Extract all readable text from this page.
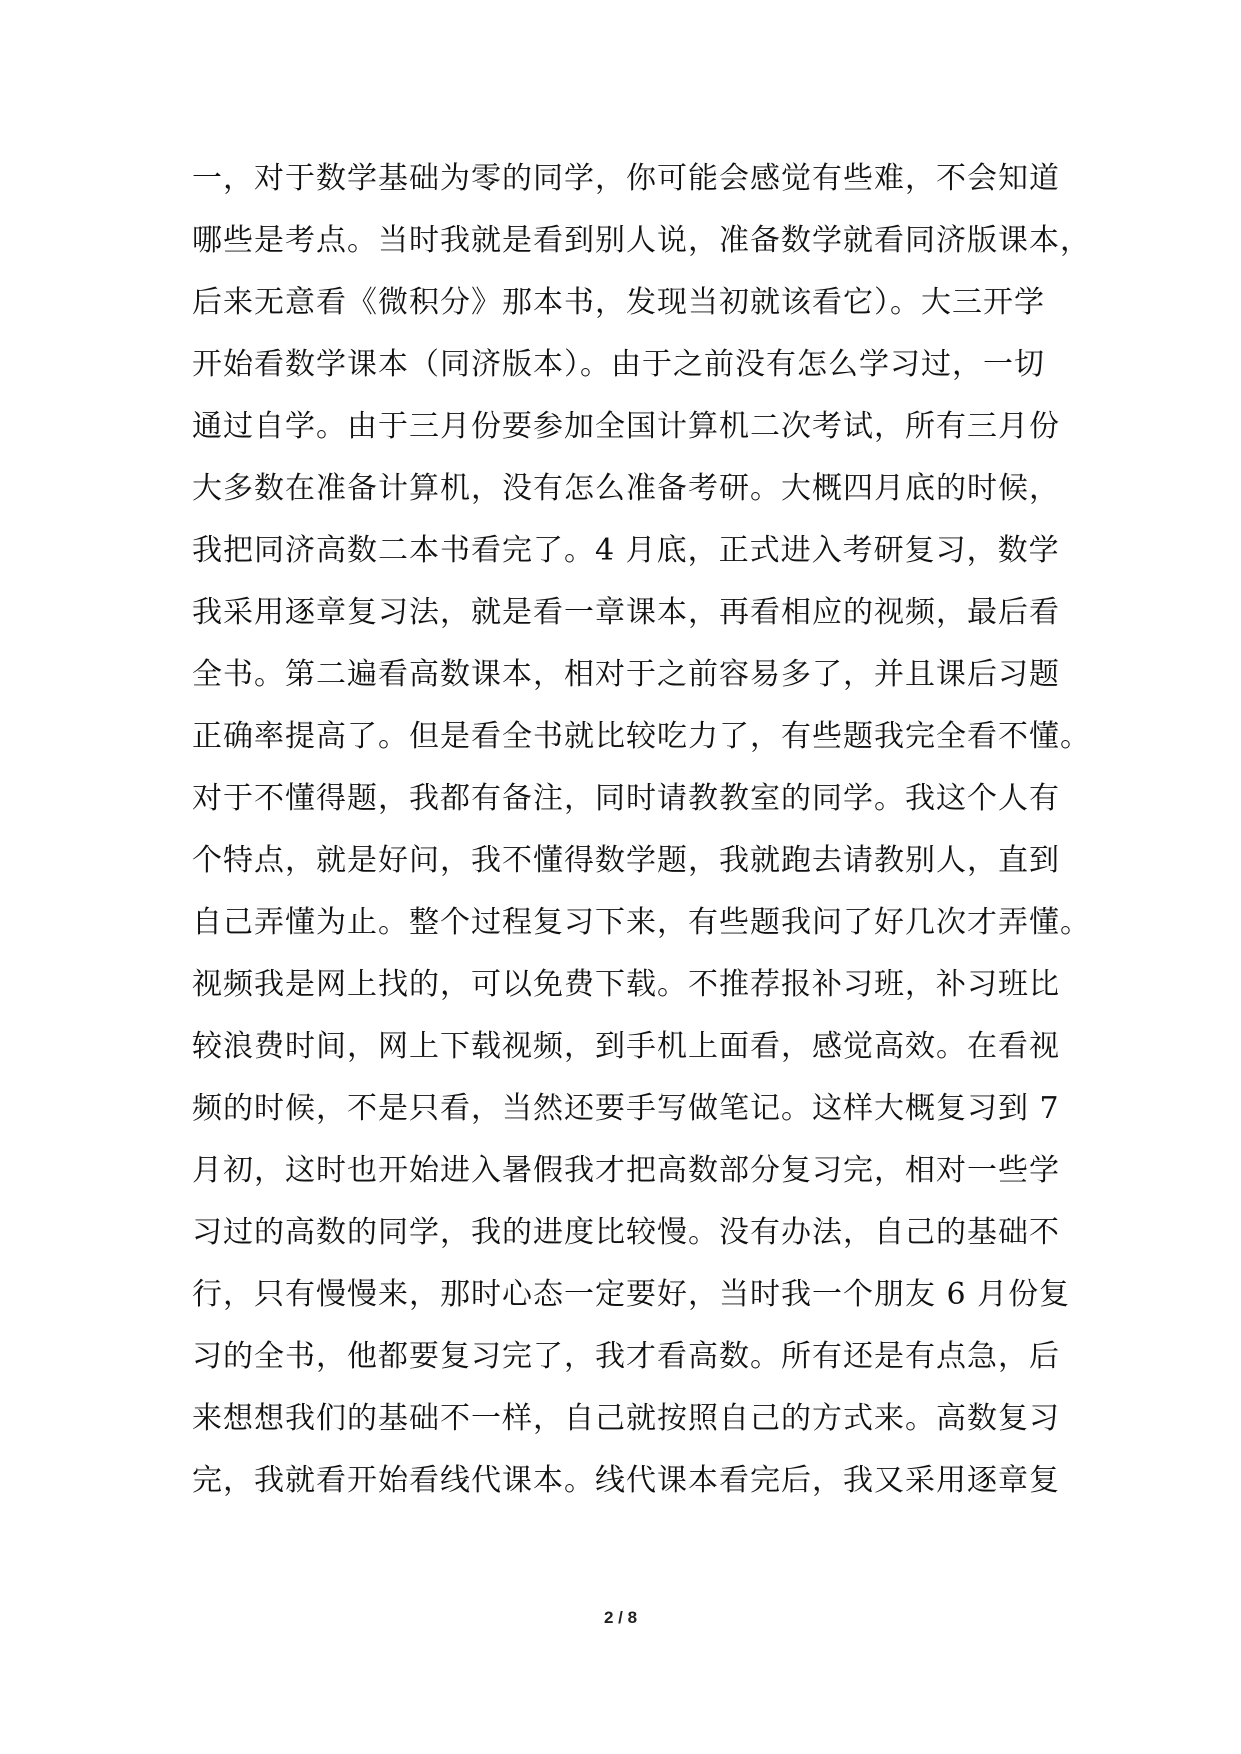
一，对于数学基础为零的同学，你可能会感觉有些难，不会知道
哪些是考点。当时我就是看到别人说，准备数学就看同济版课本，
后来无意看《微积分》那本书，发现当初就该看它）。大三开学
开始看数学课本（同济版本）。由于之前没有怎么学习过，一切
通过自学。由于三月份要参加全国计算机二次考试，所有三月份
大多数在准备计算机，没有怎么准备考研。大概四月底的时候，
我把同济高数二本书看完了。4 月底，正式进入考研复习，数学
我采用逐章复习法，就是看一章课本，再看相应的视频，最后看
全书。第二遍看高数课本，相对于之前容易多了，并且课后习题
正确率提高了。但是看全书就比较吃力了，有些题我完全看不懂。
对于不懂得题，我都有备注，同时请教教室的同学。我这个人有
个特点，就是好问，我不懂得数学题，我就跑去请教别人，直到
自己弄懂为止。整个过程复习下来，有些题我问了好几次才弄懂。
视频我是网上找的，可以免费下载。不推荐报补习班，补习班比
较浪费时间，网上下载视频，到手机上面看，感觉高效。在看视
频的时候，不是只看，当然还要手写做笔记。这样大概复习到 7
月初，这时也开始进入暑假我才把高数部分复习完，相对一些学
习过的高数的同学，我的进度比较慢。没有办法，自己的基础不
行，只有慢慢来，那时心态一定要好，当时我一个朋友 6 月份复
习的全书，他都要复习完了，我才看高数。所有还是有点急，后
来想想我们的基础不一样，自己就按照自己的方式来。高数复习
完，我就看开始看线代课本。线代课本看完后，我又采用逐章复
2 / 8
